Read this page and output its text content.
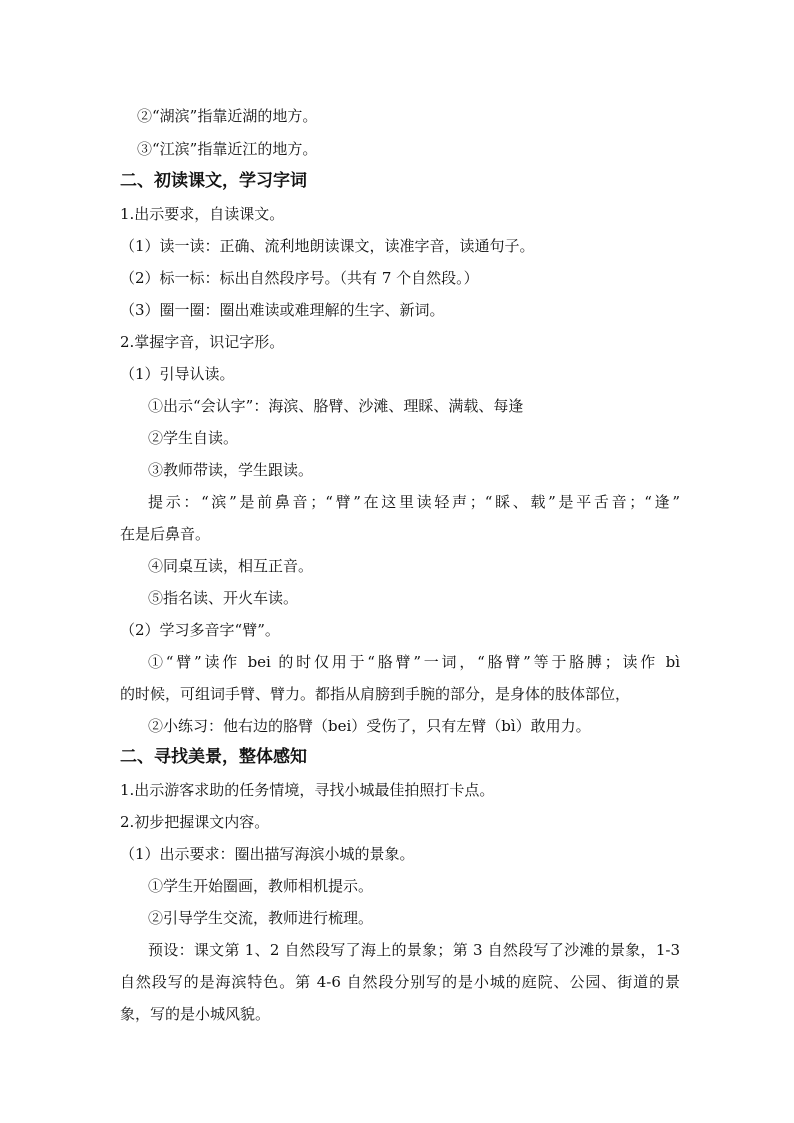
②“湖滨”指靠近湖的地方。
③“江滨”指靠近江的地方。
二、初读课文，学习字词
1.出示要求，自读课文。
（1）读一读：正确、流利地朗读课文，读准字音，读通句子。
（2）标一标：标出自然段序号。（共有 7 个自然段。）
（3）圈一圈：圈出难读或难理解的生字、新词。
2.掌握字音，识记字形。
（1）引导认读。
①出示“会认字”：海滨、胳臂、沙滩、理睬、满载、每逢
②学生自读。
③教师带读，学生跟读。
提示：“滨”是前鼻音；“臂”在这里读轻声；“睬、载”是平舌音；“逢”
在是后鼻音。
④同桌互读，相互正音。
⑤指名读、开火车读。
（2）学习多音字“臂”。
①“臂”读作 bei 的时仅用于“胳臂”一词，“胳臂”等于胳膊；读作 bì
的时候，可组词手臂、臂力。都指从肩膀到手腕的部分，是身体的肢体部位，
②小练习：他右边的胳臂（bei）受伤了，只有左臂（bì）敢用力。
二、寻找美景，整体感知
1.出示游客求助的任务情境，寻找小城最佳拍照打卡点。
2.初步把握课文内容。
（1）出示要求：圈出描写海滨小城的景象。
①学生开始圈画，教师相机提示。
②引导学生交流，教师进行梳理。
预设：课文第 1、2 自然段写了海上的景象；第 3 自然段写了沙滩的景象，1-3
自然段写的是海滨特色。第 4-6 自然段分别写的是小城的庭院、公园、街道的景
象，写的是小城风貌。
